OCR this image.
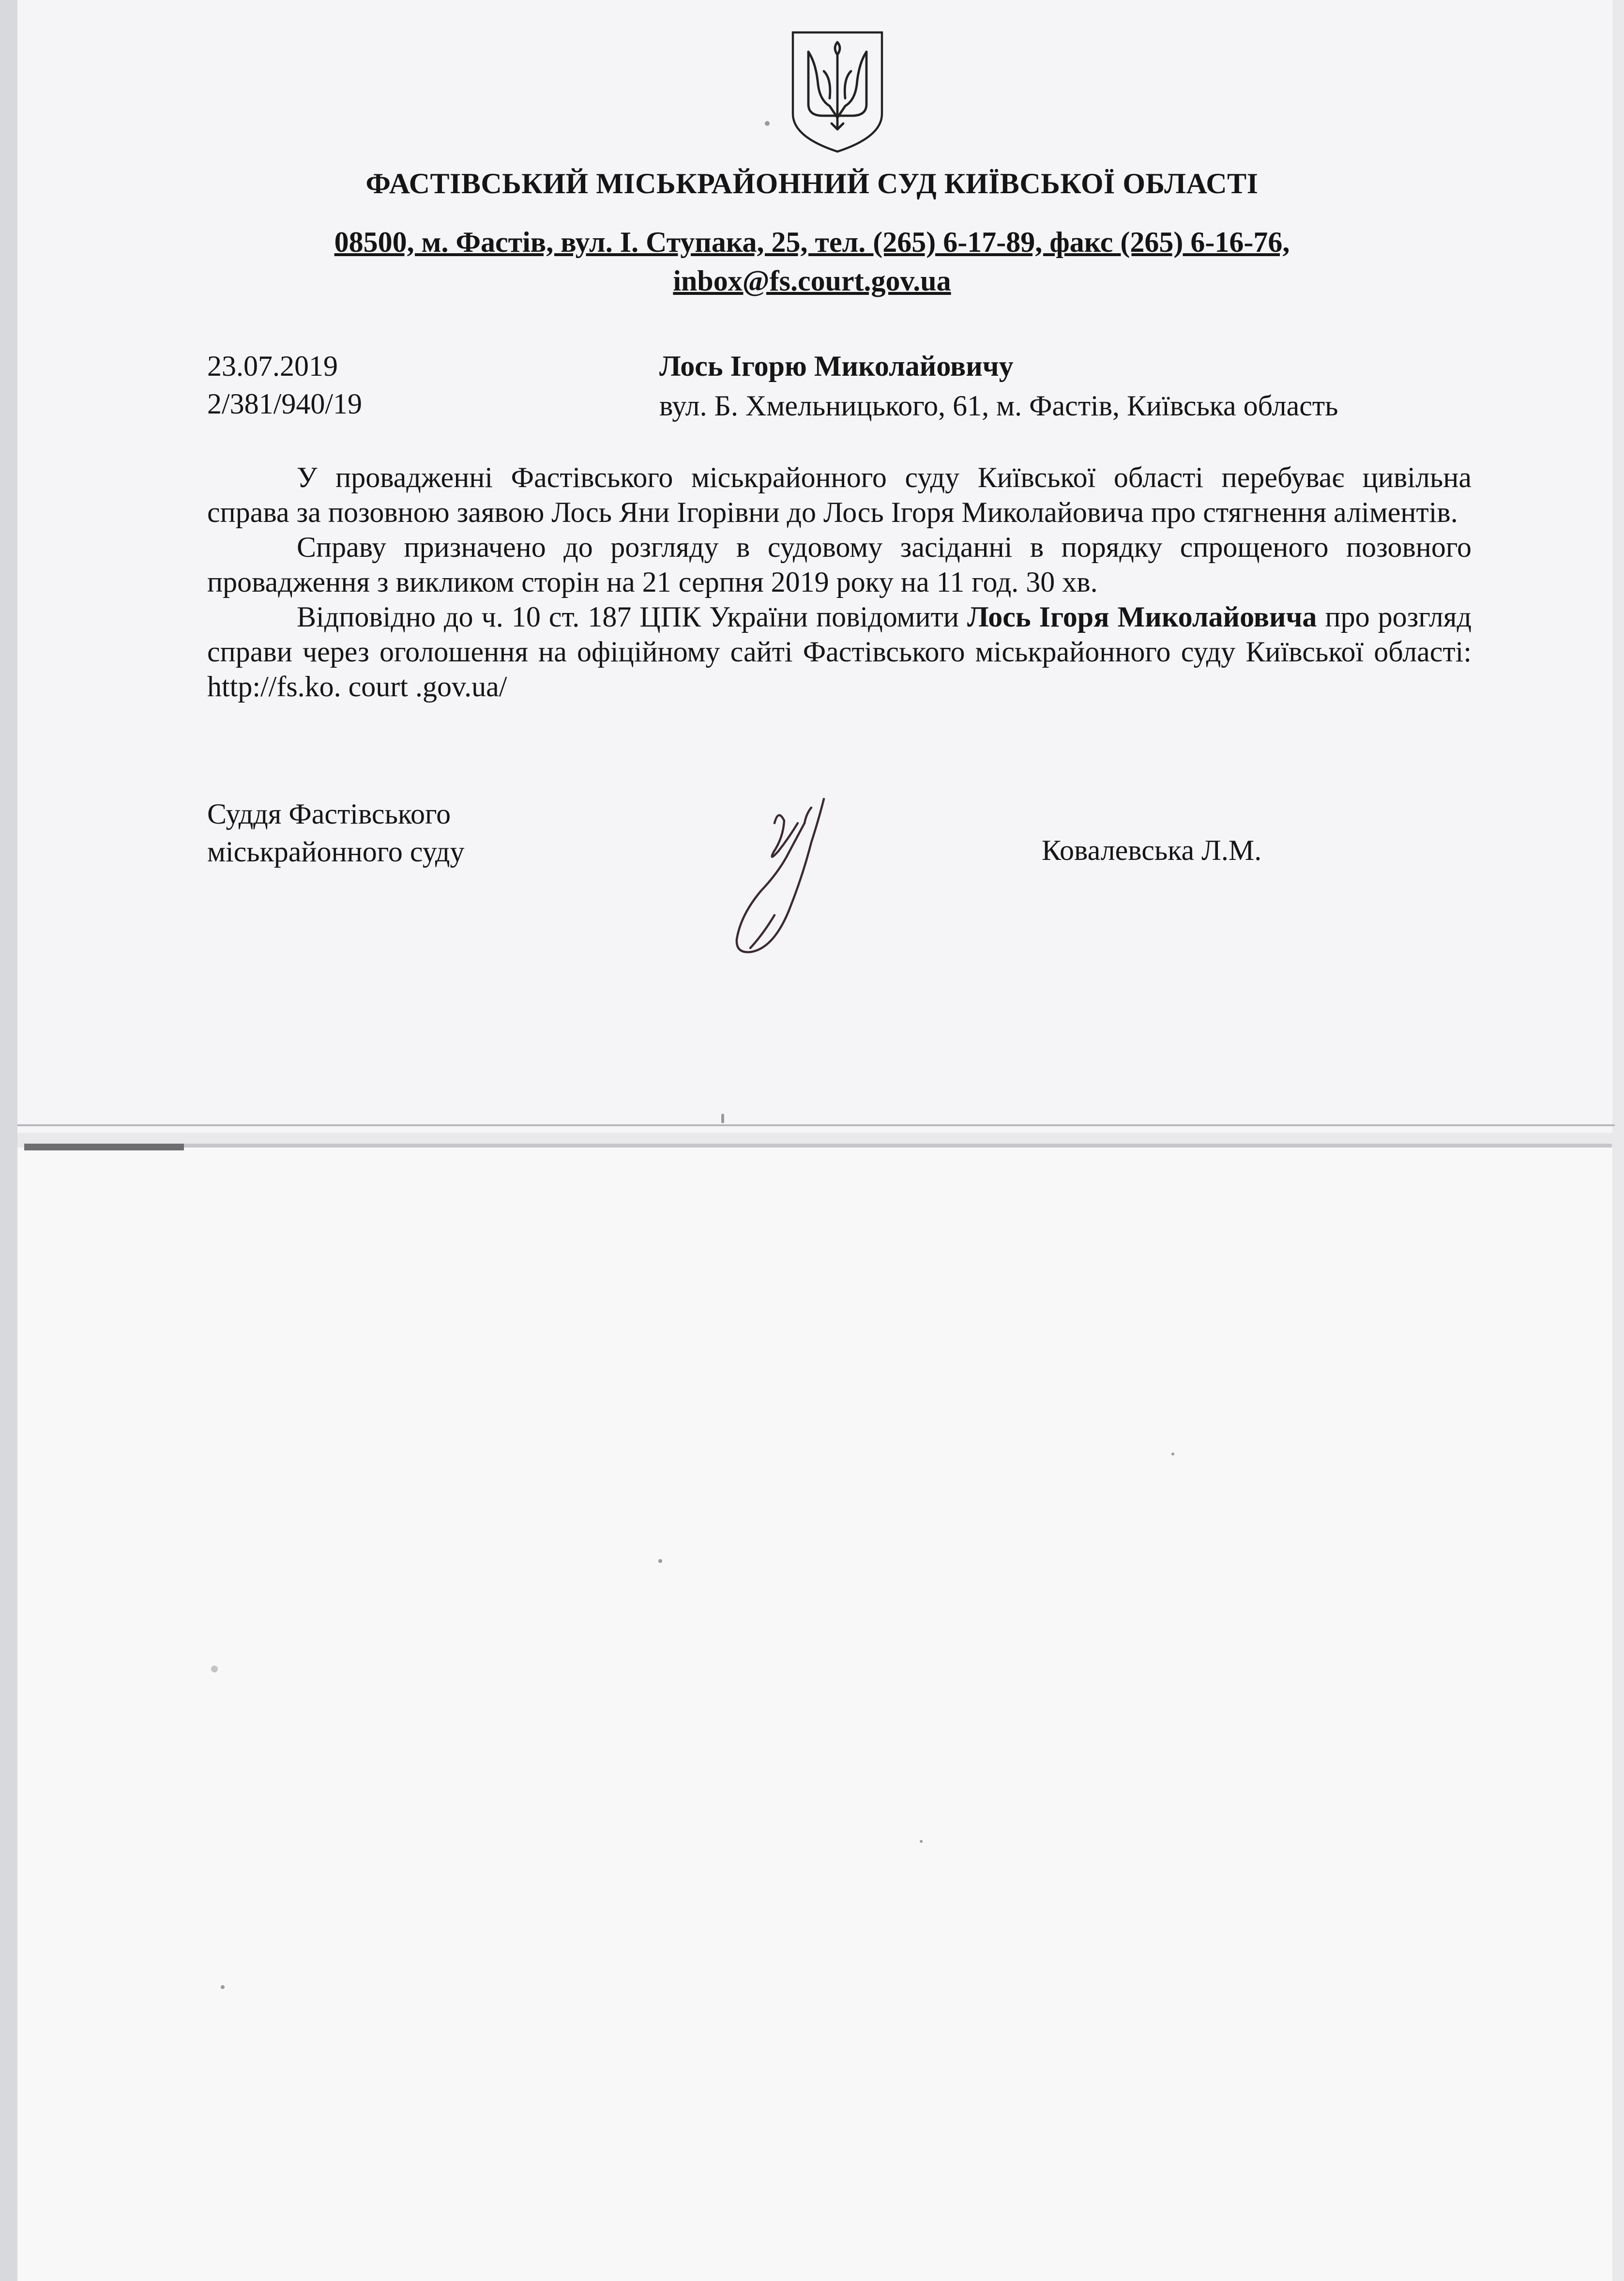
ФАСТІВСЬКИЙ МІСЬКРАЙОННИЙ СУД КИЇВСЬКОЇ ОБЛАСТІ
08500, м. Фастів, вул. І. Ступака, 25, тел. (265) 6-17-89, факс (265) 6-16-76,
inbox@fs.court.gov.ua
23.07.2019
2/381/940/19
Лось Ігорю Миколайовичу
вул. Б. Хмельницького, 61, м. Фастів, Київська область

У провадженні Фастівського міськрайонного суду Київської області перебуває цивільна справа за позовною заявою Лось Яни Ігорівни до Лось Ігоря Миколайовича про стягнення аліментів.

Справу призначено до розгляду в судовому засіданні в порядку спрощеного позовного провадження з викликом сторін на 21 серпня 2019 року на 11 год. 30 хв.

Відповідно до ч. 10 ст. 187 ЦПК України повідомити Лось Ігоря Миколайовича про розгляд справи через оголошення на офіційному сайті Фастівського міськрайонного суду Київської області: http://fs.ko. court .gov.ua/

Суддя Фастівського
міськрайонного суду	Ковалевська Л.М.
